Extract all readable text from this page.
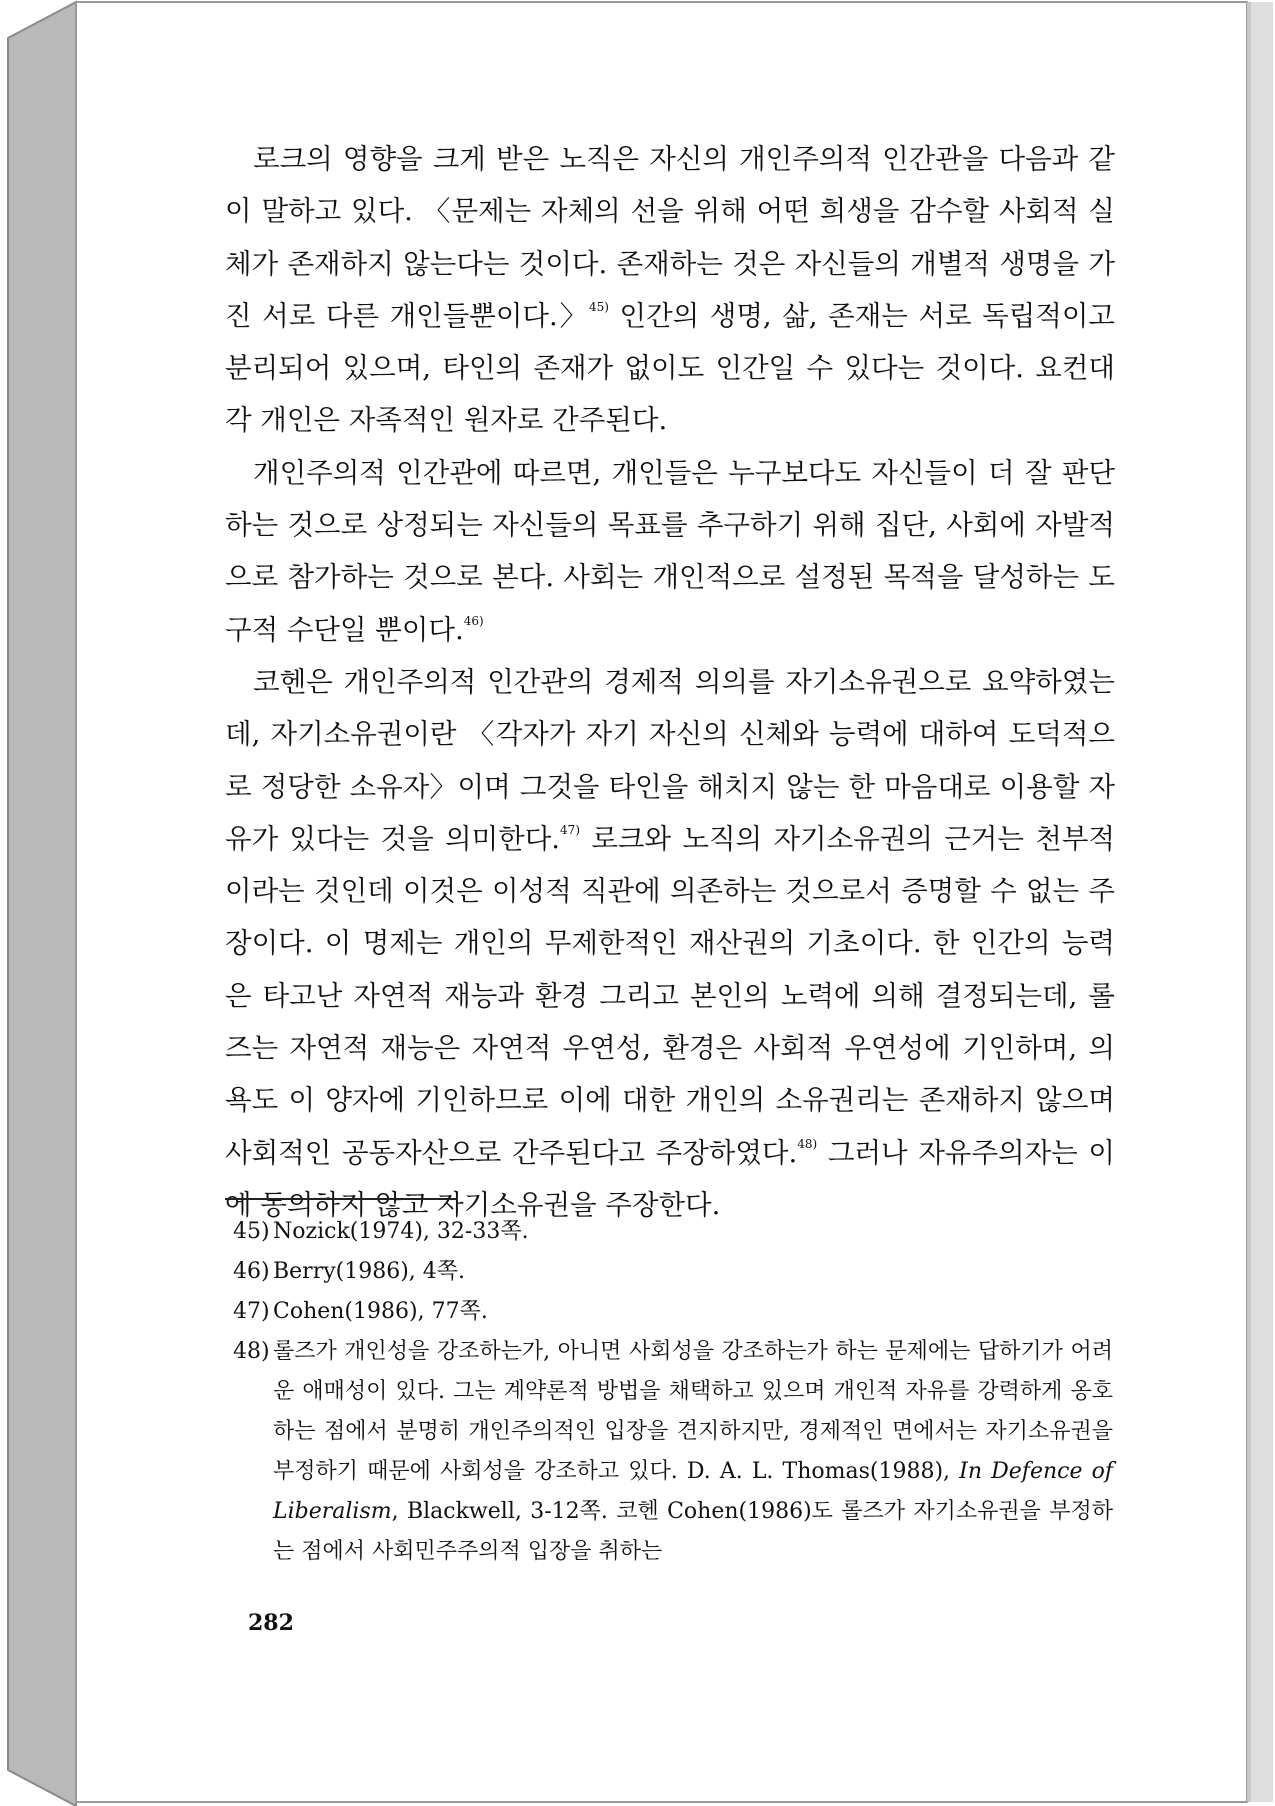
로크의 영향을 크게 받은 노직은 자신의 개인주의적 인간관을 다음과 같이 말하고 있다. 〈문제는 자체의 선을 위해 어떤 희생을 감수할 사회적 실체가 존재하지 않는다는 것이다. 존재하는 것은 자신들의 개별적 생명을 가진 서로 다른 개인들뿐이다.〉$^{45)}$ 인간의 생명, 삶, 존재는 서로 독립적이고 분리되어 있으며, 타인의 존재가 없이도 인간일 수 있다는 것이다. 요컨대 각 개인은 자족적인 원자로 간주된다.

개인주의적 인간관에 따르면, 개인들은 누구보다도 자신들이 더 잘 판단하는 것으로 상정되는 자신들의 목표를 추구하기 위해 집단, 사회에 자발적으로 참가하는 것으로 본다. 사회는 개인적으로 설정된 목적을 달성하는 도구적 수단일 뿐이다.$^{46)}$

코헨은 개인주의적 인간관의 경제적 의의를 자기소유권으로 요약하였는데, 자기소유권이란 〈각자가 자기 자신의 신체와 능력에 대하여 도덕적으로 정당한 소유자〉이며 그것을 타인을 해치지 않는 한 마음대로 이용할 자유가 있다는 것을 의미한다.$^{47)}$ 로크와 노직의 자기소유권의 근거는 천부적이라는 것인데 이것은 이성적 직관에 의존하는 것으로서 증명할 수 없는 주장이다. 이 명제는 개인의 무제한적인 재산권의 기초이다. 한 인간의 능력은 타고난 자연적 재능과 환경 그리고 본인의 노력에 의해 결정되는데, 롤즈는 자연적 재능은 자연적 우연성, 환경은 사회적 우연성에 기인하며, 의욕도 이 양자에 기인하므로 이에 대한 개인의 소유권리는 존재하지 않으며 사회적인 공동자산으로 간주된다고 주장하였다.$^{48)}$ 그러나 자유주의자는 이에 동의하지 않고 자기소유권을 주장한다.

45) Nozick(1974), 32-33쪽.
46) Berry(1986), 4쪽.
47) Cohen(1986), 77쪽.
48) 롤즈가 개인성을 강조하는가, 아니면 사회성을 강조하는가 하는 문제에는 답하기가 어려운 애매성이 있다. 그는 계약론적 방법을 채택하고 있으며 개인적 자유를 강력하게 옹호하는 점에서 분명히 개인주의적인 입장을 견지하지만, 경제적인 면에서는 자기소유권을 부정하기 때문에 사회성을 강조하고 있다. D. A. L. Thomas(1988), In Defence of Liberalism, Blackwell, 3-12쪽. 코헨 Cohen(1986)도 롤즈가 자기소유권을 부정하는 점에서 사회민주주의적 입장을 취하는
282
